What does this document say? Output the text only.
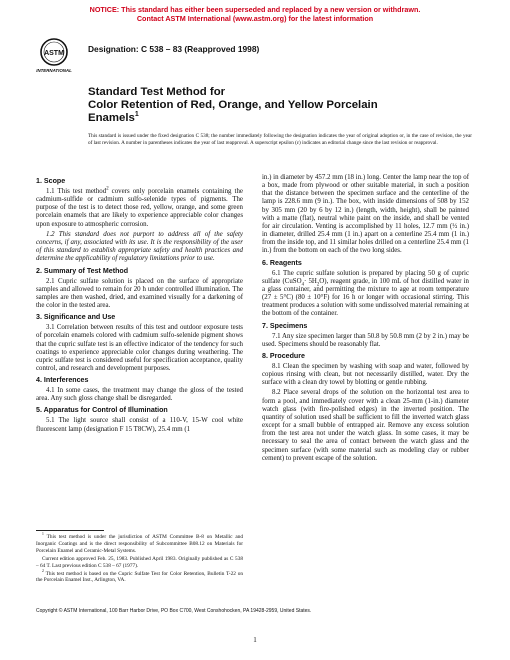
NOTICE: This standard has either been superseded and replaced by a new version or withdrawn.
Contact ASTM International (www.astm.org) for the latest information
ASTM
INTERNATIONAL
Designation: C 538 – 83 (Reapproved 1998)
Standard Test Method for
Color Retention of Red, Orange, and Yellow Porcelain
Enamels$^1$
This standard is issued under the fixed designation C 538; the number immediately following the designation indicates the year of original adoption or, in the case of revision, the year of last revision. A number in parentheses indicates the year of last reapproval. A superscript epsilon (ε) indicates an editorial change since the last revision or reapproval.
1. Scope

1.1 This test method$^2$ covers only porcelain enamels containing the cadmium-sulfide or cadmium sulfo-selenide types of pigments. The purpose of the test is to detect those red, yellow, orange, and some green porcelain enamels that are likely to experience appreciable color changes upon exposure to atmospheric corrosion.

1.2 This standard does not purport to address all of the safety concerns, if any, associated with its use. It is the responsibility of the user of this standard to establish appropriate safety and health practices and determine the applicability of regulatory limitations prior to use.

2. Summary of Test Method

2.1 Cupric sulfate solution is placed on the surface of appropriate samples and allowed to remain for 20 h under controlled illumination. The samples are then washed, dried, and examined visually for a darkening of the color in the tested area.

3. Significance and Use

3.1 Correlation between results of this test and outdoor exposure tests of porcelain enamels colored with cadmium sulfo-selenide pigment shows that the cupric sulfate test is an effective indicator of the tendency for such coatings to experience appreciable color changes during weathering. The cupric sulfate test is considered useful for specification acceptance, quality control, and research and development purposes.

4. Interferences

4.1 In some cases, the treatment may change the gloss of the tested area. Any such gloss change shall be disregarded.

5. Apparatus for Control of Illumination

5.1 The light source shall consist of a 110-V, 15-W cool white fluorescent lamp (designation F 15 T8CW), 25.4 mm (1

in.) in diameter by 457.2 mm (18 in.) long. Center the lamp near the top of a box, made from plywood or other suitable material, in such a position that the distance between the specimen surface and the centerline of the lamp is 228.6 mm (9 in.). The box, with inside dimensions of 508 by 152 by 305 mm (20 by 6 by 12 in.) (length, width, height), shall be painted with a matte (flat), neutral white paint on the inside, and shall be vented for air circulation. Venting is accomplished by 11 holes, 12.7 mm (½ in.) in diameter, drilled 25.4 mm (1 in.) apart on a centerline 25.4 mm (1 in.) from the inside top, and 11 similar holes drilled on a centerline 25.4 mm (1 in.) from the bottom on each of the two long sides.

6. Reagents

6.1 The cupric sulfate solution is prepared by placing 50 g of cupric sulfate (CuSO$_4$· $5H_2O$), reagent grade, in 100 mL of hot distilled water in a glass container, and permitting the mixture to age at room temperature (27 ± 5°C) (80 ± 10°F) for 16 h or longer with occasional stirring. This treatment produces a solution with some undissolved material remaining at the bottom of the container.

7. Specimens

7.1 Any size specimen larger than 50.8 by 50.8 mm (2 by 2 in.) may be used. Specimens should be reasonably flat.

8. Procedure

8.1 Clean the specimen by washing with soap and water, followed by copious rinsing with clean, but not necessarily distilled, water. Dry the surface with a clean dry towel by blotting or gentle rubbing.

8.2 Place several drops of the solution on the horizontal test area to form a pool, and immediately cover with a clean 25-mm (1-in.) diameter watch glass (with fire-polished edges) in the inverted position. The quantity of solution used shall be sufficient to fill the inverted watch glass except for a small bubble of entrapped air. Remove any excess solution from the test area not under the watch glass. In some cases, it may be necessary to seal the area of contact between the watch glass and the specimen surface (with some material such as modeling clay or rubber cement) to prevent escape of the solution.

$^1$ This test method is under the jurisdiction of ASTM Committee B-8 on Metallic and Inorganic Coatings and is the direct responsibility of Subcommittee B08.12 on Materials for Porcelain Enamel and Ceramic-Metal Systems.

Current edition approved Feb. 25, 1983. Published April 1983. Originally published as C 538 – 64 T. Last previous edition C 538 – 67 (1977).

$^2$ This test method is based on the Cupric Sulfate Test for Color Retention, Bulletin T-22 on the Porcelain Enamel Inst., Arlington, VA.

Copyright © ASTM International, 100 Barr Harbor Drive, PO Box C700, West Conshohocken, PA 19428-2959, United States.
1
